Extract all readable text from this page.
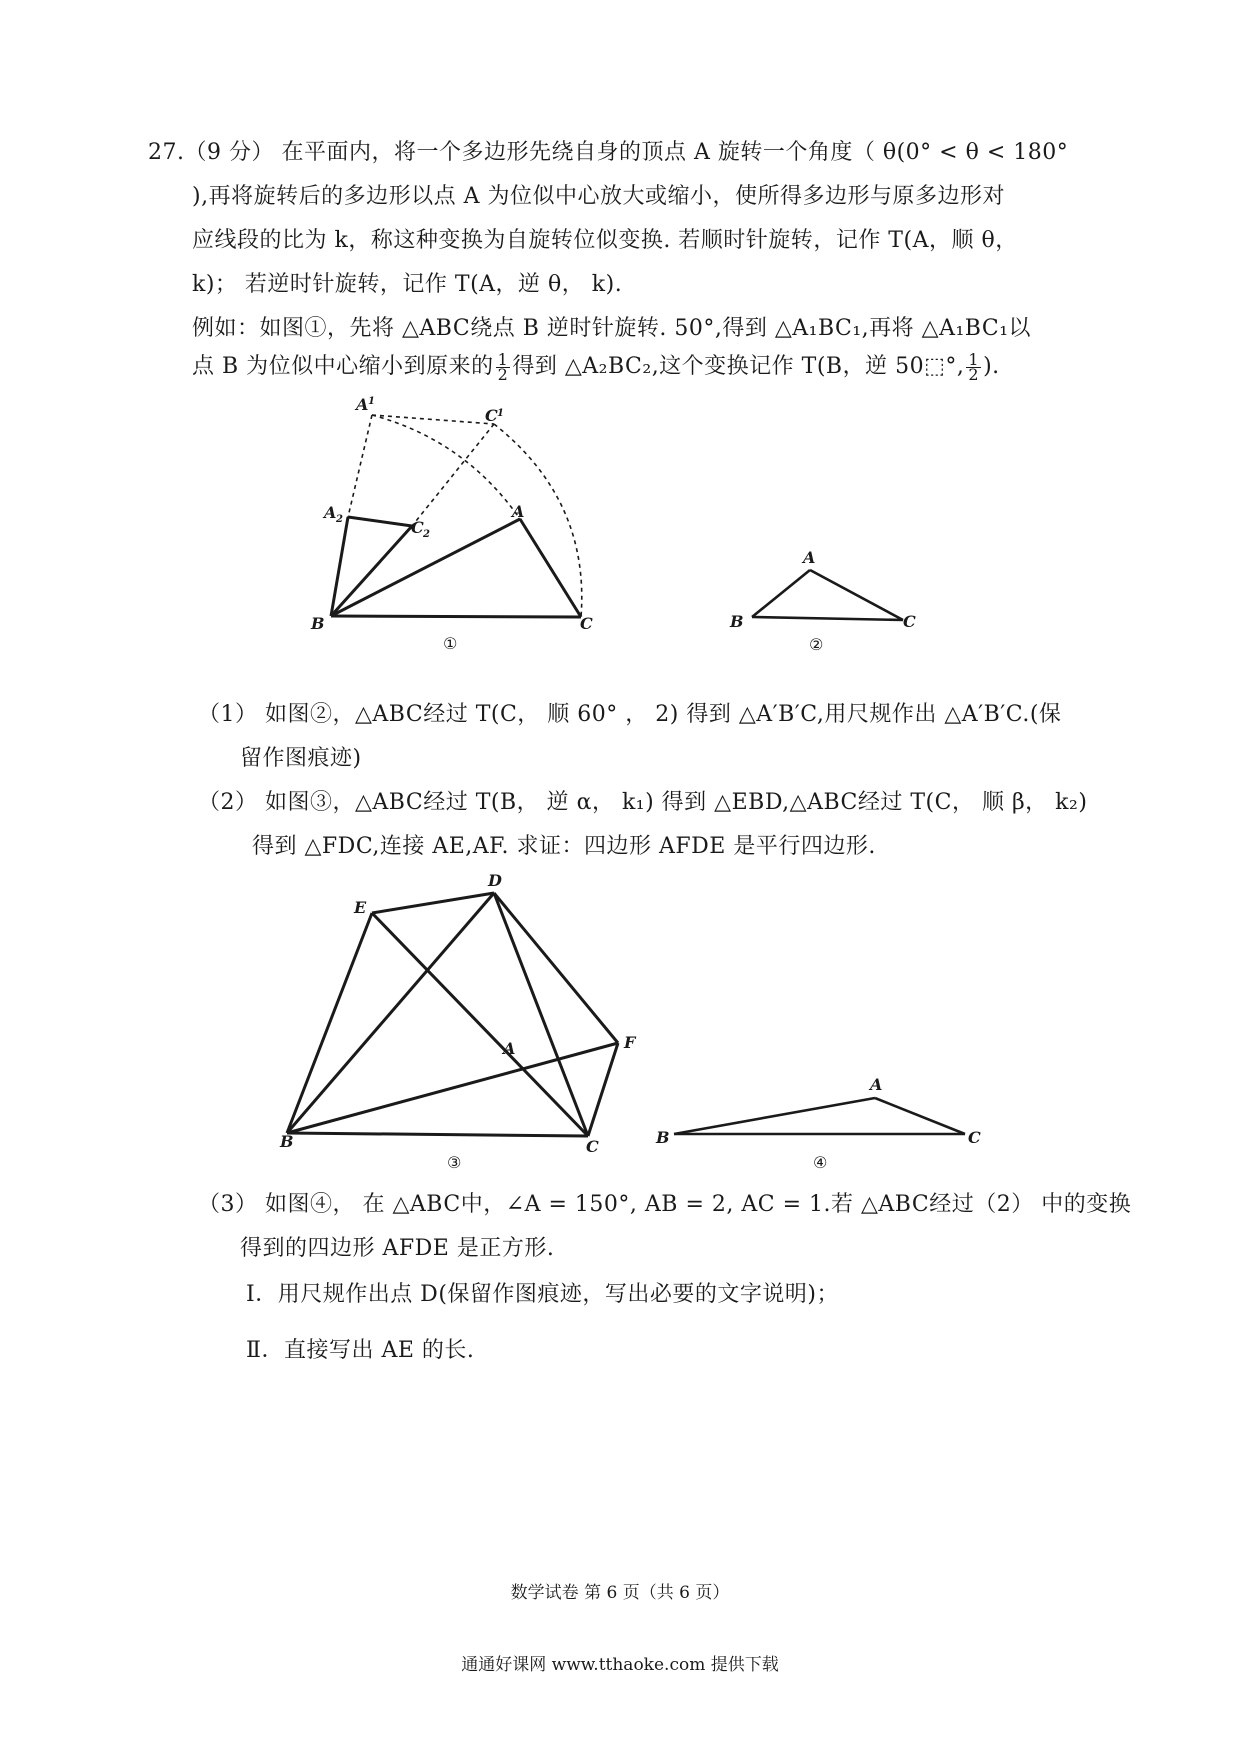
27.（9 分） 在平面内，将一个多边形先绕自身的顶点 A 旋转一个角度（ θ(0° < θ < 180°
),再将旋转后的多边形以点 A 为位似中心放大或缩小，使所得多边形与原多边形对
应线段的比为 k，称这种变换为自旋转位似变换. 若顺时针旋转，记作 T(A，顺 θ，
k)； 若逆时针旋转，记作 T(A，逆 θ， k).
例如：如图①，先将 △ABC绕点 B 逆时针旋转. 50°,得到 △A₁BC₁,再将 △A₁BC₁以
点 B 为位似中心缩小到原来的 $\frac{1}{2}$ 得到 △A₂BC₂,这个变换记作 T(B，逆 50⬚°, $\frac{1}{2}$ ).
A 1
C 1
A 2	C 2
A
B	C
①
A
B	C
②
E
D
A	F
B	C
③
A
B	C
④
（1） 如图②，△ABC经过 T(C， 顺 60° ， 2) 得到 △A′B′C,用尺规作出 △A′B′C.(保
留作图痕迹)
（2） 如图③，△ABC经过 T(B， 逆 α， k₁) 得到 △EBD,△ABC经过 T(C， 顺 β， k₂)
得到 △FDC,连接 AE,AF. 求证：四边形 AFDE 是平行四边形.
（3） 如图④， 在 △ABC中，∠A = 150°, AB = 2, AC = 1.若 △ABC经过（2） 中的变换
得到的四边形 AFDE 是正方形.
Ⅰ．用尺规作出点 D(保留作图痕迹，写出必要的文字说明)；
Ⅱ．直接写出 AE 的长.
数学试卷 第 6 页（共 6 页）
通通好课网 www.tthaoke.com 提供下载
